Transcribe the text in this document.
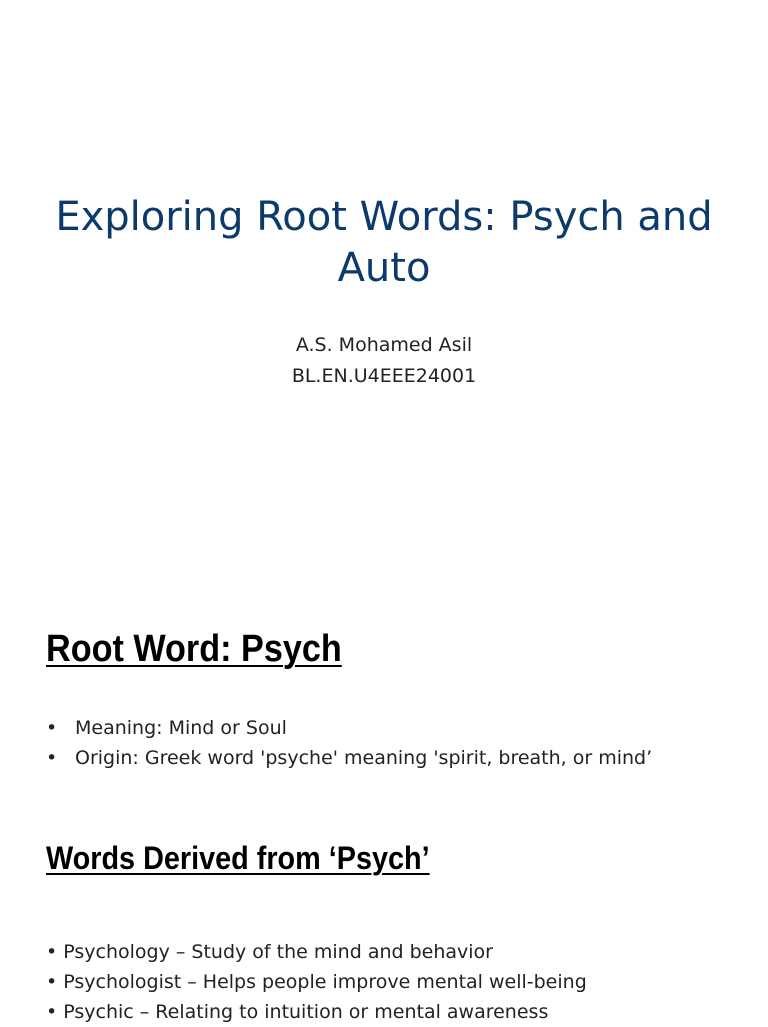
Exploring Root Words: Psych and Auto
A.S. Mohamed Asil
BL.EN.U4EEE24001
Root Word: Psych
• Meaning: Mind or Soul
• Origin: Greek word 'psyche' meaning 'spirit, breath, or mind’
Words Derived from ‘Psych’
• Psychology – Study of the mind and behavior
• Psychologist – Helps people improve mental well-being
• Psychic – Relating to intuition or mental awareness
